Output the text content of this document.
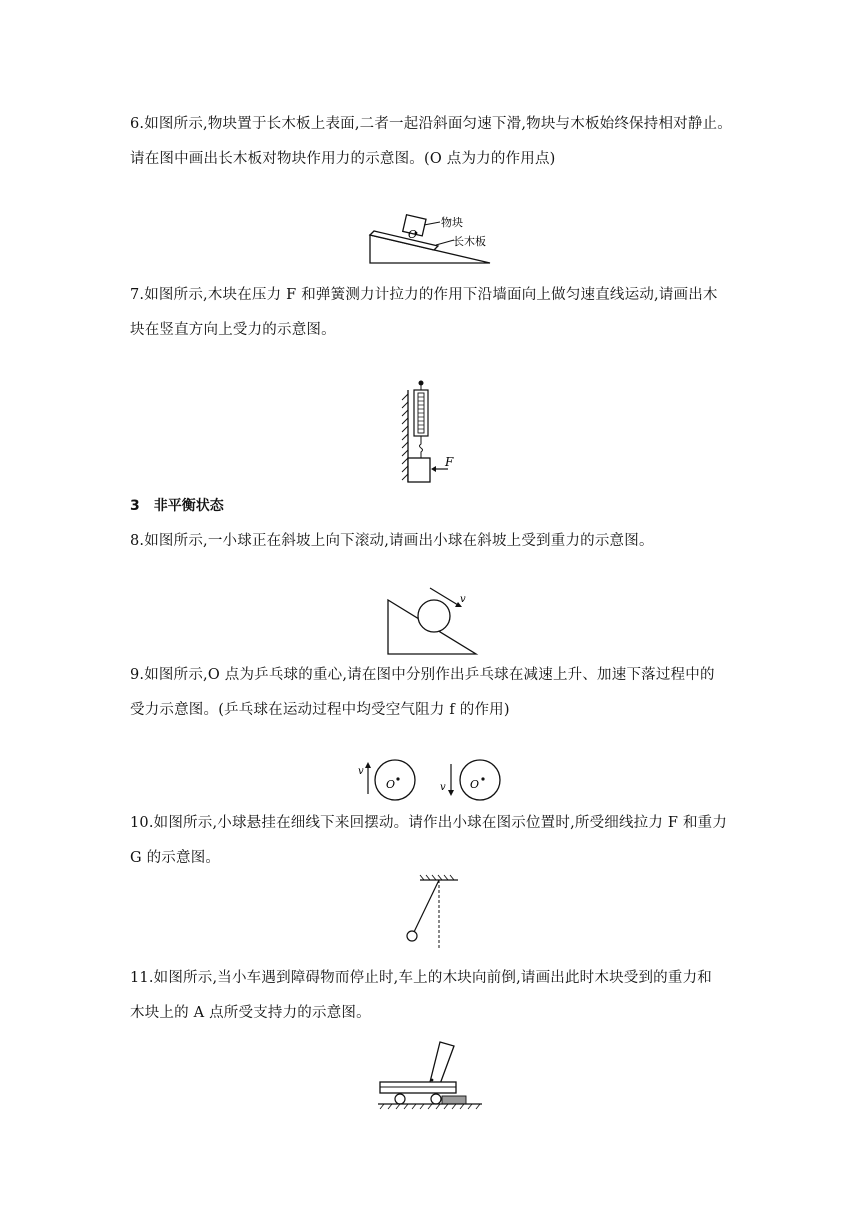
6.如图所示,物块置于长木板上表面,二者一起沿斜面匀速下滑,物块与木板始终保持相对静止。
请在图中画出长木板对物块作用力的示意图。(O 点为力的作用点)
O
物块
长木板
7.如图所示,木块在压力 F 和弹簧测力计拉力的作用下沿墙面向上做匀速直线运动,请画出木
块在竖直方向上受力的示意图。
F
3　非平衡状态
8.如图所示,一小球正在斜坡上向下滚动,请画出小球在斜坡上受到重力的示意图。
v
9.如图所示,O 点为乒乓球的重心,请在图中分别作出乒乓球在减速上升、加速下落过程中的
受力示意图。(乒乓球在运动过程中均受空气阻力 f 的作用)
v
O	v O
10.如图所示,小球悬挂在细线下来回摆动。请作出小球在图示位置时,所受细线拉力 F 和重力
G 的示意图。
11.如图所示,当小车遇到障碍物而停止时,车上的木块向前倒,请画出此时木块受到的重力和
木块上的 A 点所受支持力的示意图。
